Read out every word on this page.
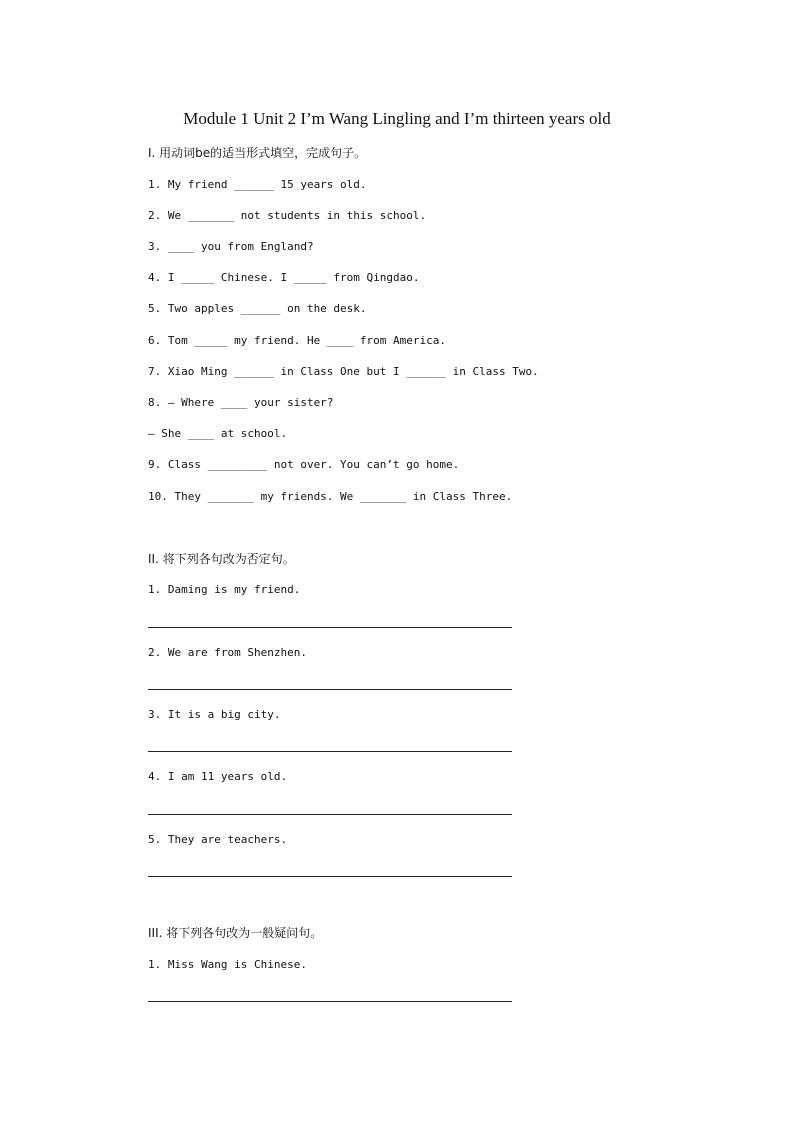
Module 1 Unit 2 I’m Wang Lingling and I’m thirteen years old
I. 用动词be的适当形式填空，完成句子。
1. My friend ______ 15 years old.
2. We _______ not students in this school.
3. ____ you from England?
4. I _____ Chinese. I _____ from Qingdao.
5. Two apples ______ on the desk.
6. Tom _____ my friend. He ____ from America.
7. Xiao Ming ______ in Class One but I ______ in Class Two.
8. — Where ____ your sister?
— She ____ at school.
9. Class _________ not over. You can’t go home.
10. They _______ my friends. We _______ in Class Three.
II. 将下列各句改为否定句。
1. Daming is my friend.
2. We are from Shenzhen.
3. It is a big city.
4. I am 11 years old.
5. They are teachers.
III. 将下列各句改为一般疑问句。
1. Miss Wang is Chinese.
